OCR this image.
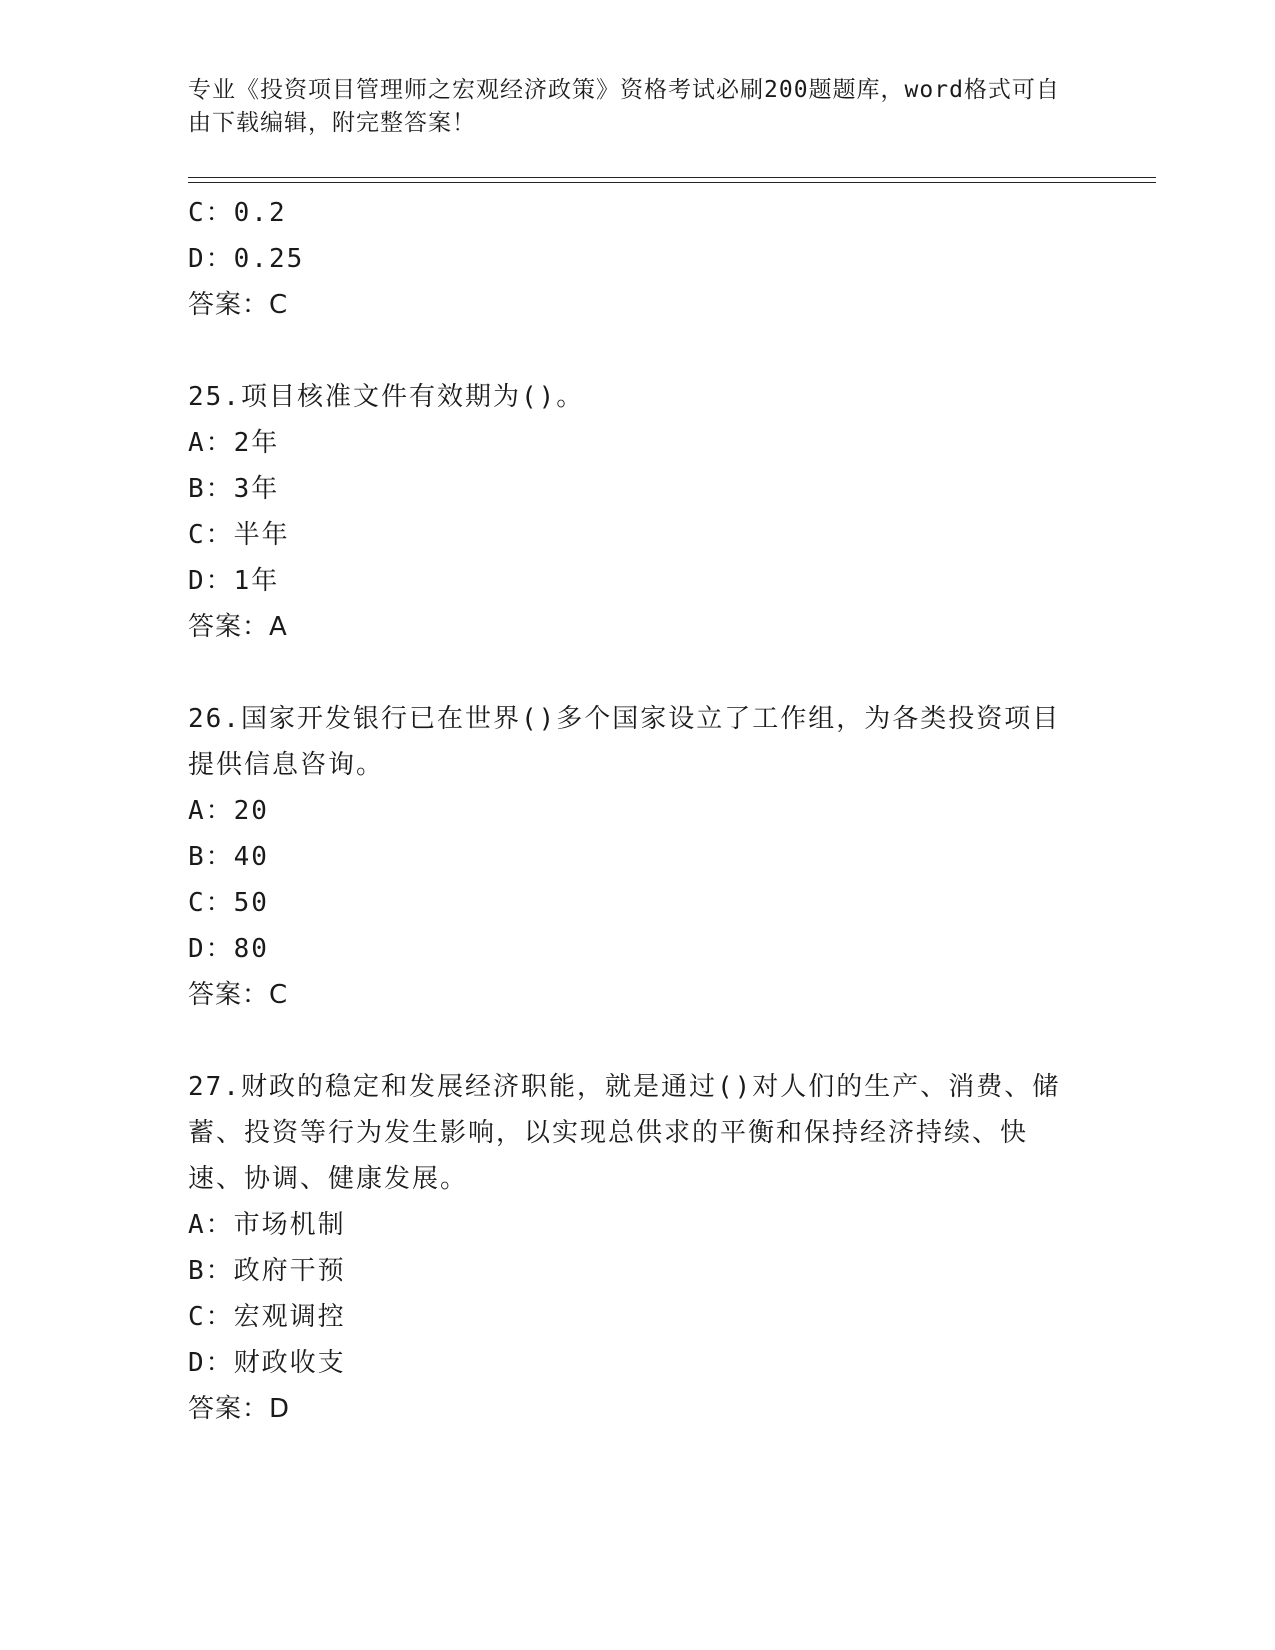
专业《投资项目管理师之宏观经济政策》资格考试必刷200题题库，word格式可自由下载编辑，附完整答案！
C：0.2
D：0.25
答案：C
25.项目核准文件有效期为()。
A：2年
B：3年
C：半年
D：1年
答案：A
26.国家开发银行已在世界()多个国家设立了工作组，为各类投资项目提供信息咨询。
A：20
B：40
C：50
D：80
答案：C
27.财政的稳定和发展经济职能，就是通过()对人们的生产、消费、储蓄、投资等行为发生影响，以实现总供求的平衡和保持经济持续、快速、协调、健康发展。
A：市场机制
B：政府干预
C：宏观调控
D：财政收支
答案：D
